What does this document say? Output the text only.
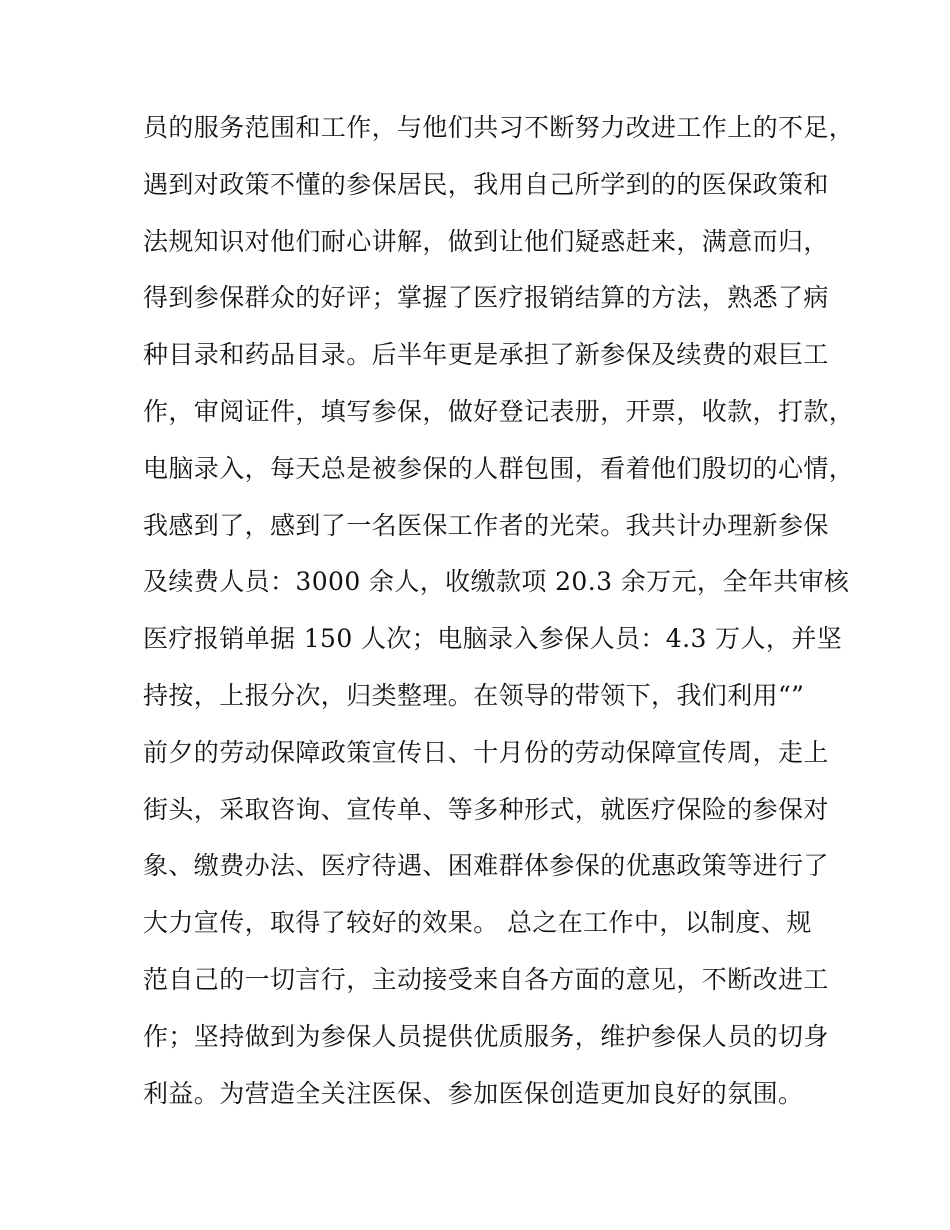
员的服务范围和工作，与他们共习不断努力改进工作上的不足，
遇到对政策不懂的参保居民，我用自己所学到的的医保政策和
法规知识对他们耐心讲解，做到让他们疑惑赶来，满意而归，
得到参保群众的好评；掌握了医疗报销结算的方法，熟悉了病
种目录和药品目录。后半年更是承担了新参保及续费的艰巨工
作，审阅证件，填写参保，做好登记表册，开票，收款，打款，
电脑录入，每天总是被参保的人群包围，看着他们殷切的心情，
我感到了，感到了一名医保工作者的光荣。我共计办理新参保
及续费人员：3000 余人，收缴款项 20.3 余万元，全年共审核
医疗报销单据 150 人次；电脑录入参保人员：4.3 万人，并坚
持按，上报分次，归类整理。在领导的带领下，我们利用“”
前夕的劳动保障政策宣传日、十月份的劳动保障宣传周，走上
街头，采取咨询、宣传单、等多种形式，就医疗保险的参保对
象、缴费办法、医疗待遇、困难群体参保的优惠政策等进行了
大力宣传，取得了较好的效果。 总之在工作中，以制度、规
范自己的一切言行，主动接受来自各方面的意见，不断改进工
作；坚持做到为参保人员提供优质服务，维护参保人员的切身
利益。为营造全关注医保、参加医保创造更加良好的氛围。
